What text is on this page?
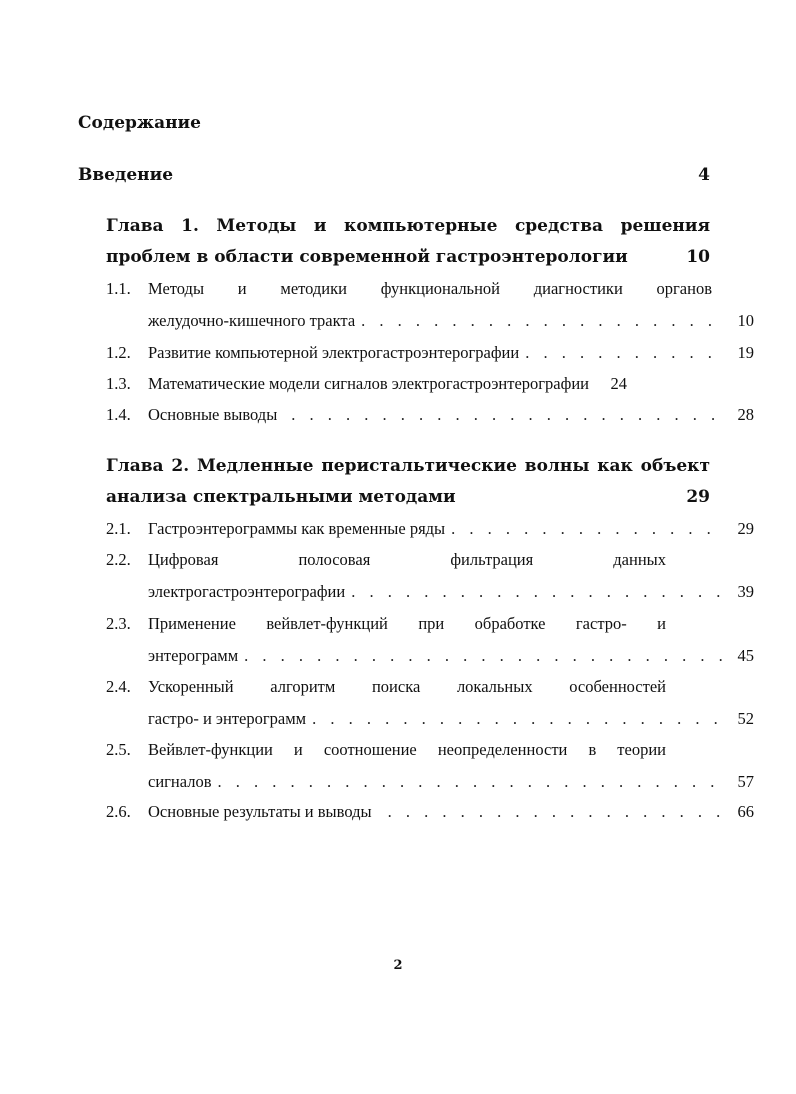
Содержание
Введение	4
Глава 1. Методы и компьютерные средства решения
проблем в области современной гастроэнтерологии	10
1.1. Методы и методики функциональной диагностики органов
желудочно-кишечного тракта . . .	10
1.2. Развитие компьютерной электрогастроэнтерографии . . .	19
1.3. Математические модели сигналов электрогастроэнтерографии	24
1.4. Основные выводы . . .	28
Глава 2. Медленные перистальтические волны как объект
анализа спектральными методами	29
2.1. Гастроэнтерограммы как временные ряды . . .	29
2.2. Цифровая полосовая фильтрация данных
электрогастроэнтерографии . . .	39
2.3. Применение вейвлет-функций при обработке гастро- и
энтерограмм . . .	45
2.4. Ускоренный алгоритм поиска локальных особенностей
гастро- и энтерограмм . . .	52
2.5. Вейвлет-функции и соотношение неопределенности в теории
сигналов . . .	57
2.6. Основные результаты и выводы . . .	66
2
